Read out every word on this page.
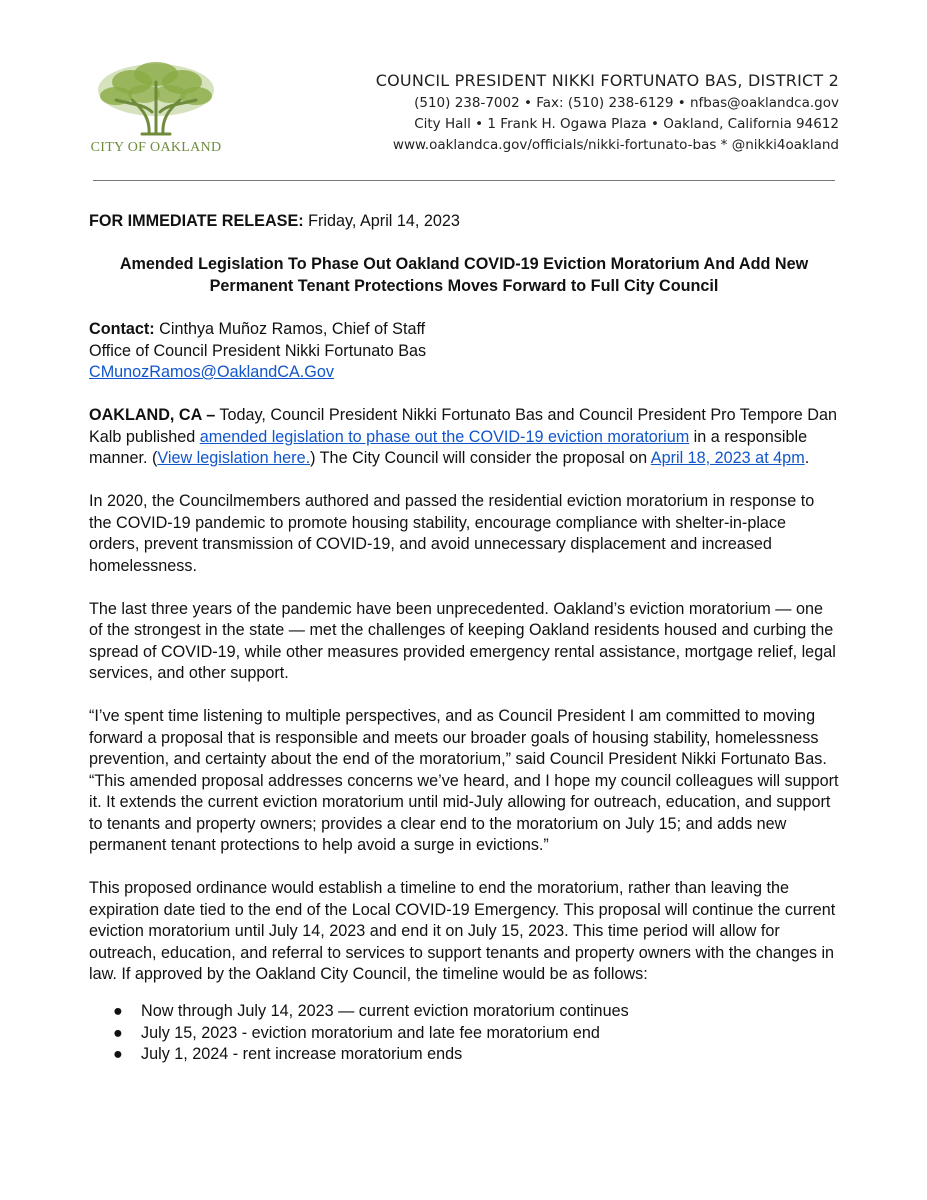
CITY OF OAKLAND
COUNCIL PRESIDENT NIKKI FORTUNATO BAS, DISTRICT 2
(510) 238-7002 • Fax: (510) 238-6129 • nfbas@oaklandca.gov
City Hall • 1 Frank H. Ogawa Plaza • Oakland, California 94612
www.oaklandca.gov/officials/nikki-fortunato-bas * @nikki4oakland

FOR IMMEDIATE RELEASE: Friday, April 14, 2023

Amended Legislation To Phase Out Oakland COVID-19 Eviction Moratorium And Add New Permanent Tenant Protections Moves Forward to Full City Council

Contact: Cinthya Muñoz Ramos, Chief of Staff
Office of Council President Nikki Fortunato Bas
CMunozRamos@OaklandCA.Gov

OAKLAND, CA – Today, Council President Nikki Fortunato Bas and Council President Pro Tempore Dan Kalb published amended legislation to phase out the COVID-19 eviction moratorium in a responsible manner. (View legislation here.) The City Council will consider the proposal on April 18, 2023 at 4pm.

In 2020, the Councilmembers authored and passed the residential eviction moratorium in response to the COVID-19 pandemic to promote housing stability, encourage compliance with shelter-in-place orders, prevent transmission of COVID-19, and avoid unnecessary displacement and increased homelessness.

The last three years of the pandemic have been unprecedented. Oakland’s eviction moratorium — one of the strongest in the state — met the challenges of keeping Oakland residents housed and curbing the spread of COVID-19, while other measures provided emergency rental assistance, mortgage relief, legal services, and other support.

“I’ve spent time listening to multiple perspectives, and as Council President I am committed to moving forward a proposal that is responsible and meets our broader goals of housing stability, homelessness prevention, and certainty about the end of the moratorium,” said Council President Nikki Fortunato Bas. “This amended proposal addresses concerns we’ve heard, and I hope my council colleagues will support it. It extends the current eviction moratorium until mid-July allowing for outreach, education, and support to tenants and property owners; provides a clear end to the moratorium on July 15; and adds new permanent tenant protections to help avoid a surge in evictions.”

This proposed ordinance would establish a timeline to end the moratorium, rather than leaving the expiration date tied to the end of the Local COVID-19 Emergency. This proposal will continue the current eviction moratorium until July 14, 2023 and end it on July 15, 2023. This time period will allow for outreach, education, and referral to services to support tenants and property owners with the changes in law. If approved by the Oakland City Council, the timeline would be as follows:

● Now through July 14, 2023 — current eviction moratorium continues
● July 15, 2023 - eviction moratorium and late fee moratorium end
● July 1, 2024 - rent increase moratorium ends
